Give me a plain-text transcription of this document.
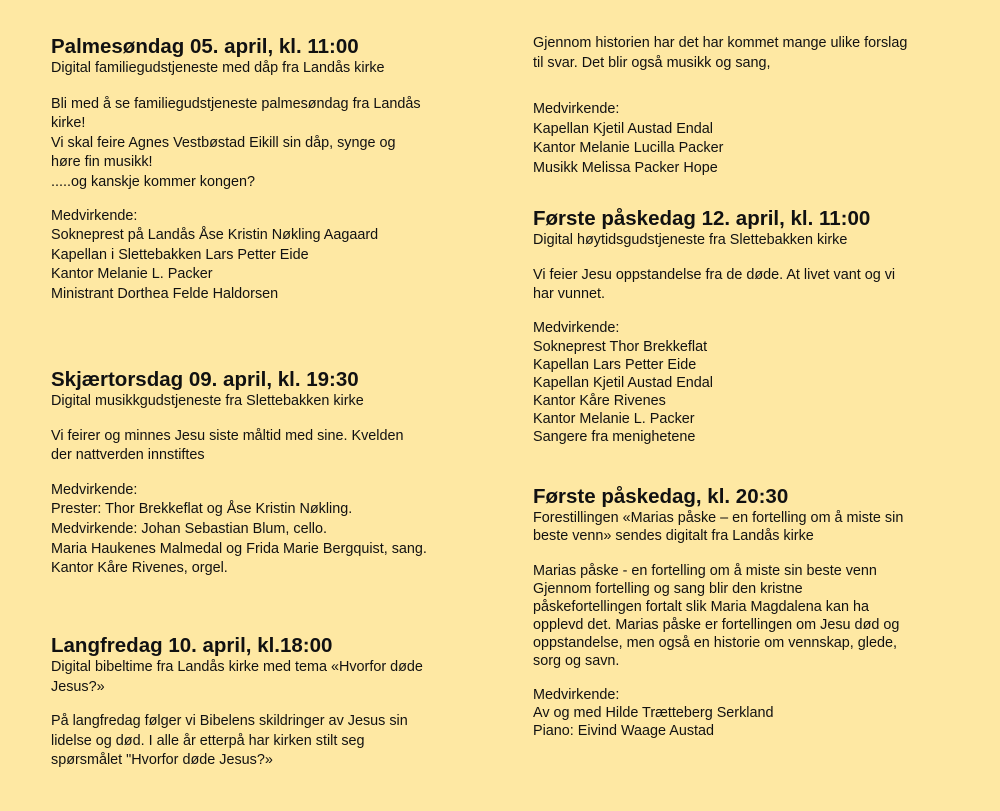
Palmesøndag 05. april, kl. 11:00
Digital familiegudstjeneste med dåp fra Landås kirke
Bli med å se familiegudstjeneste palmesøndag fra Landås
kirke!
Vi skal feire Agnes Vestbøstad Eikill sin dåp, synge og
høre fin musikk!
.....og kanskje kommer kongen?
Medvirkende:
Sokneprest på Landås Åse Kristin Nøkling Aagaard
Kapellan i Slettebakken Lars Petter Eide
Kantor Melanie L. Packer
Ministrant Dorthea Felde Haldorsen
Skjærtorsdag 09. april, kl. 19:30
Digital musikkgudstjeneste fra Slettebakken kirke
Vi feirer og minnes Jesu siste måltid med sine. Kvelden
der nattverden innstiftes
Medvirkende:
Prester: Thor Brekkeflat og Åse Kristin Nøkling.
Medvirkende: Johan Sebastian Blum, cello.
Maria Haukenes Malmedal og Frida Marie Bergquist, sang.
Kantor Kåre Rivenes, orgel.
Langfredag 10. april, kl.18:00
Digital bibeltime fra Landås kirke med tema «Hvorfor døde
Jesus?»
På langfredag følger vi Bibelens skildringer av Jesus sin
lidelse og død. I alle år etterpå har kirken stilt seg
spørsmålet "Hvorfor døde Jesus?»
Gjennom historien har det har kommet mange ulike forslag
til svar. Det blir også musikk og sang,
Medvirkende:
Kapellan Kjetil Austad Endal
Kantor Melanie Lucilla Packer
Musikk Melissa Packer Hope
Første påskedag 12. april, kl. 11:00
Digital høytidsgudstjeneste fra Slettebakken kirke
Vi feier Jesu oppstandelse fra de døde. At livet vant og vi
har vunnet.
Medvirkende:
Sokneprest Thor Brekkeflat
Kapellan Lars Petter Eide
Kapellan Kjetil Austad Endal
Kantor Kåre Rivenes
Kantor Melanie L. Packer
Sangere fra menighetene
Første påskedag, kl. 20:30
Forestillingen «Marias påske – en fortelling om å miste sin
beste venn» sendes digitalt fra Landås kirke
Marias påske - en fortelling om å miste sin beste venn
Gjennom fortelling og sang blir den kristne
påskefortellingen fortalt slik Maria Magdalena kan ha
opplevd det. Marias påske er fortellingen om Jesu død og
oppstandelse, men også en historie om vennskap, glede,
sorg og savn.
Medvirkende:
Av og med Hilde Trætteberg Serkland
Piano: Eivind Waage Austad
